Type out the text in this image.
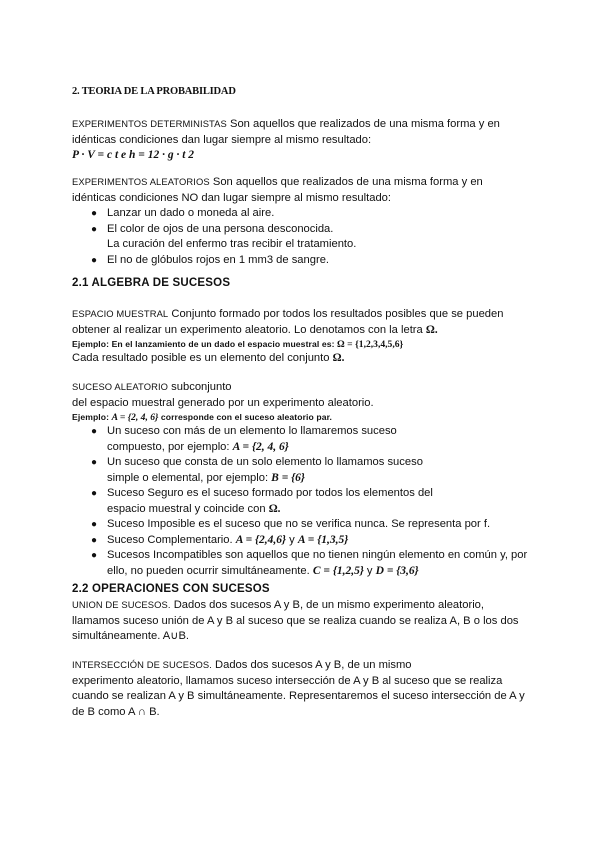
2. TEORIA DE LA PROBABILIDAD

EXPERIMENTOS DETERMINISTAS Son aquellos que realizados de una misma forma y en
idénticas condiciones dan lugar siempre al mismo resultado:
P · V = c t e h = 12 · g · t 2

EXPERIMENTOS ALEATORIOS Son aquellos que realizados de una misma forma y en
idénticas condiciones NO dan lugar siempre al mismo resultado:

● Lanzar un dado o moneda al aire.
● El color de ojos de una persona desconocida.
La curación del enfermo tras recibir el tratamiento.
● El no de glóbulos rojos en 1 mm3 de sangre.
2.1 ALGEBRA DE SUCESOS

ESPACIO MUESTRAL Conjunto formado por todos los resultados posibles que se pueden
obtener al realizar un experimento aleatorio. Lo denotamos con la letra Ω.

Ejemplo: En el lanzamiento de un dado el espacio muestral es: Ω = {1,2,3,4,5,6}

Cada resultado posible es un elemento del conjunto Ω.

SUCESO ALEATORIO subconjunto
del espacio muestral generado por un experimento aleatorio.

Ejemplo: A = {2, 4, 6} corresponde con el suceso aleatorio par.

● Un suceso con más de un elemento lo llamaremos suceso
compuesto, por ejemplo: A = {2, 4, 6}
● Un suceso que consta de un solo elemento lo llamamos suceso
simple o elemental, por ejemplo: B = {6}
● Suceso Seguro es el suceso formado por todos los elementos del
espacio muestral y coincide con Ω.
● Suceso Imposible es el suceso que no se verifica nunca. Se representa por f.
● Suceso Complementario. A = {2,4,6} y A = {1,3,5}
● Sucesos Incompatibles son aquellos que no tienen ningún elemento en común y, por
ello, no pueden ocurrir simultáneamente. C = {1,2,5} y D = {3,6}
2.2 OPERACIONES CON SUCESOS

UNION DE SUCESOS. Dados dos sucesos A y B, de un mismo experimento aleatorio,
llamamos suceso unión de A y B al suceso que se realiza cuando se realiza A, B o los dos
simultáneamente. A∪B.

INTERSECCIÓN DE SUCESOS. Dados dos sucesos A y B, de un mismo
experimento aleatorio, llamamos suceso intersección de A y B al suceso que se realiza
cuando se realizan A y B simultáneamente. Representaremos el suceso intersección de A y
de B como A ∩ B.
